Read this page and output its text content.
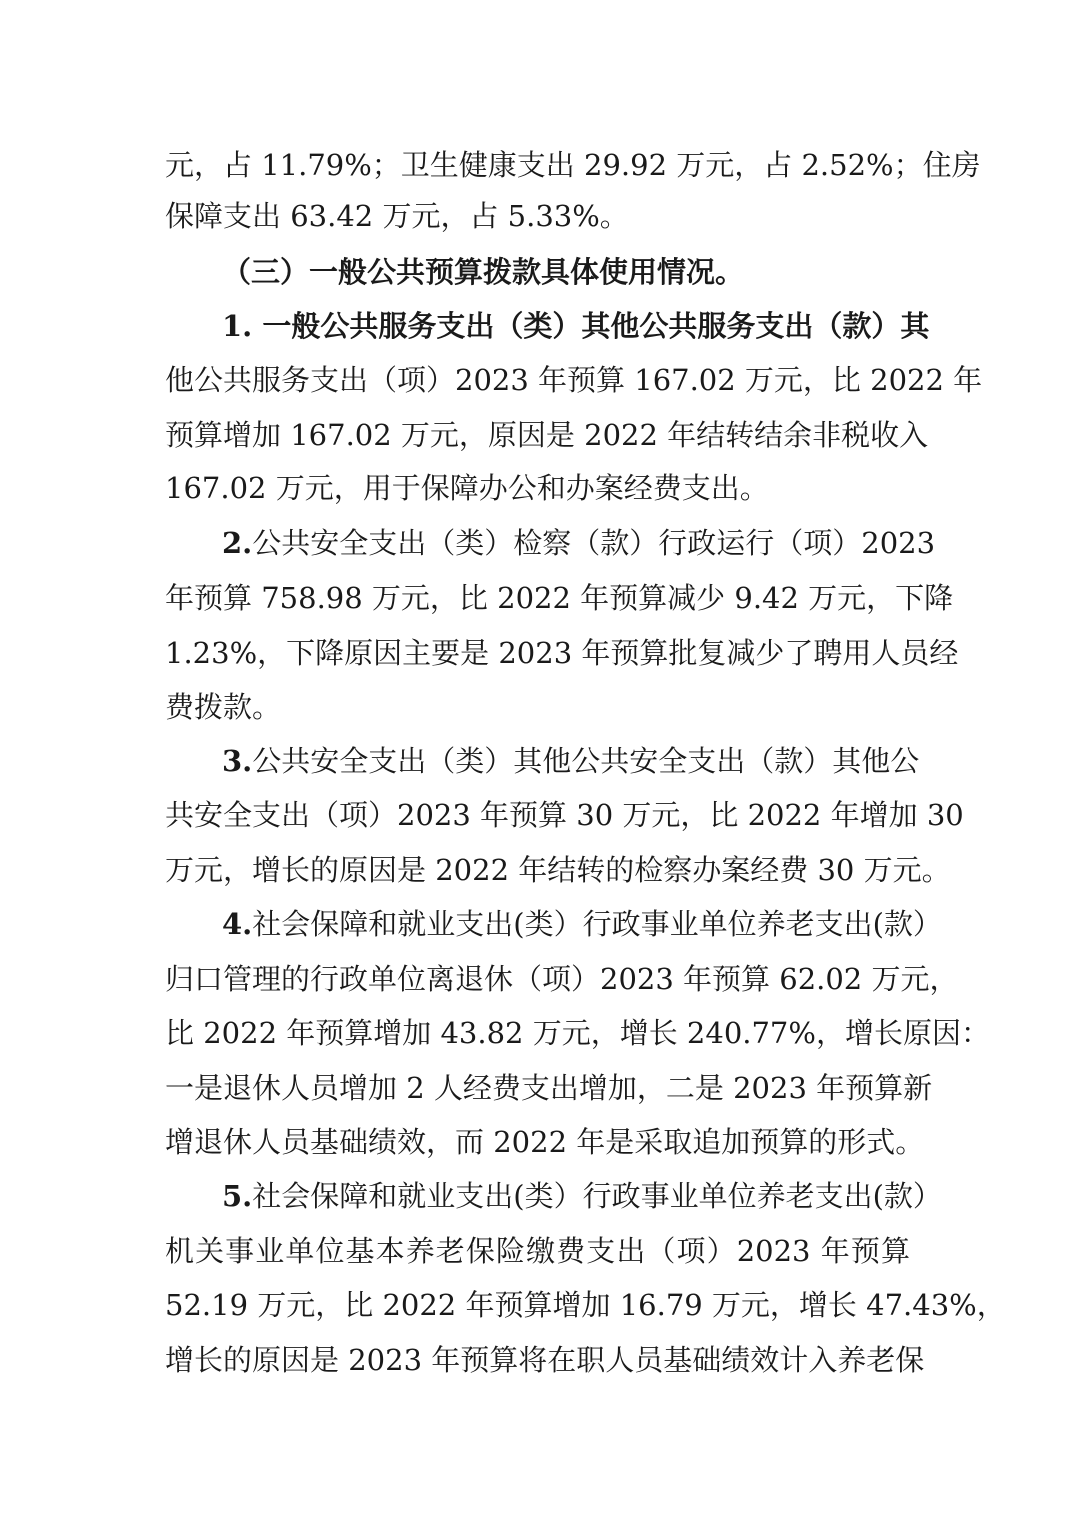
元，占 11.79%；卫生健康支出 29.92 万元，占 2.52%；住房
保障支出 63.42 万元，占 5.33%。
（三）一般公共预算拨款具体使用情况。
1. 一般公共服务支出（类）其他公共服务支出（款）其
他公共服务支出（项）2023 年预算 167.02 万元，比 2022 年
预算增加 167.02 万元，原因是 2022 年结转结余非税收入
167.02 万元，用于保障办公和办案经费支出。
2.公共安全支出（类）检察（款）行政运行（项）2023
年预算 758.98 万元，比 2022 年预算减少 9.42 万元，下降
1.23%，下降原因主要是 2023 年预算批复减少了聘用人员经
费拨款。
3.公共安全支出（类）其他公共安全支出（款）其他公
共安全支出（项）2023 年预算 30 万元，比 2022 年增加 30
万元，增长的原因是 2022 年结转的检察办案经费 30 万元。
4.社会保障和就业支出(类）行政事业单位养老支出(款）
归口管理的行政单位离退休（项）2023 年预算 62.02 万元，
比 2022 年预算增加 43.82 万元，增长 240.77%，增长原因：
一是退休人员增加 2 人经费支出增加，二是 2023 年预算新
增退休人员基础绩效，而 2022 年是采取追加预算的形式。
5.社会保障和就业支出(类）行政事业单位养老支出(款）
机关事业单位基本养老保险缴费支出（项）2023 年预算
52.19 万元，比 2022 年预算增加 16.79 万元，增长 47.43%，
增长的原因是 2023 年预算将在职人员基础绩效计入养老保
